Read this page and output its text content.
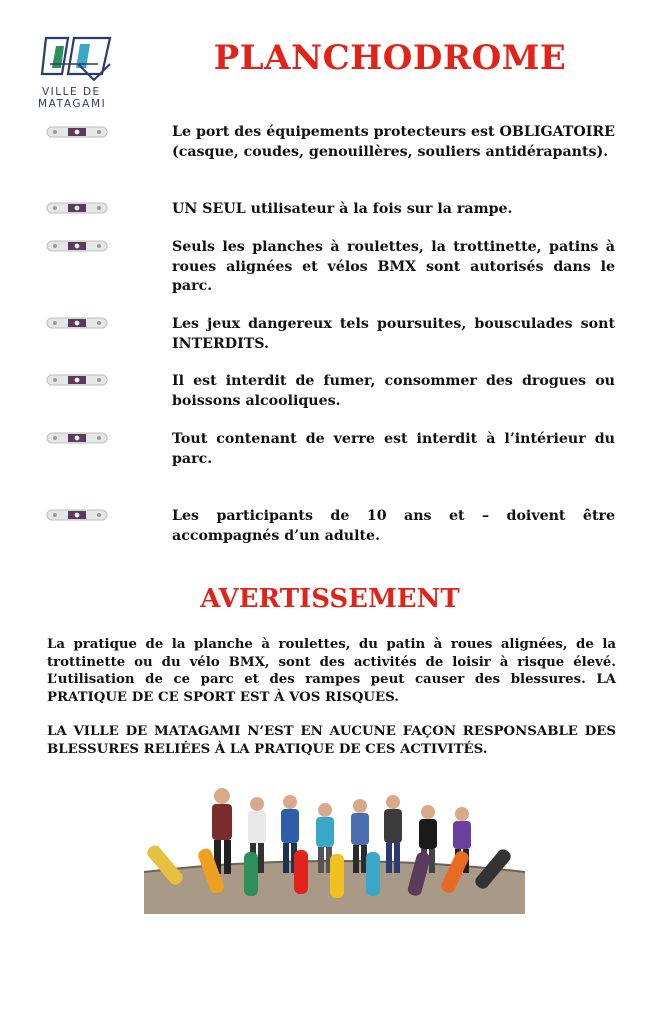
VILLE DE
MATAGAMI
PLANCHODROME
Le port des équipements protecteurs est OBLIGATOIRE (casque, coudes, genouillères, souliers antidérapants).
UN SEUL utilisateur à la fois sur la rampe.
Seuls les planches à roulettes, la trottinette, patins à roues alignées et vélos BMX sont autorisés dans le parc.
Les jeux dangereux tels poursuites, bousculades sont INTERDITS.
Il est interdit de fumer, consommer des drogues ou boissons alcooliques.
Tout contenant de verre est interdit à l’intérieur du parc.
Les participants de 10 ans et – doivent être accompagnés d’un adulte.
AVERTISSEMENT
La pratique de la planche à roulettes, du patin à roues alignées, de la trottinette ou du vélo BMX, sont des activités de loisir à risque élevé. L’utilisation de ce parc et des rampes peut causer des blessures. LA PRATIQUE DE CE SPORT EST À VOS RISQUES.
LA VILLE DE MATAGAMI N’EST EN AUCUNE FAÇON RESPONSABLE DES BLESSURES RELIÉES À LA PRATIQUE DE CES ACTIVITÉS.
